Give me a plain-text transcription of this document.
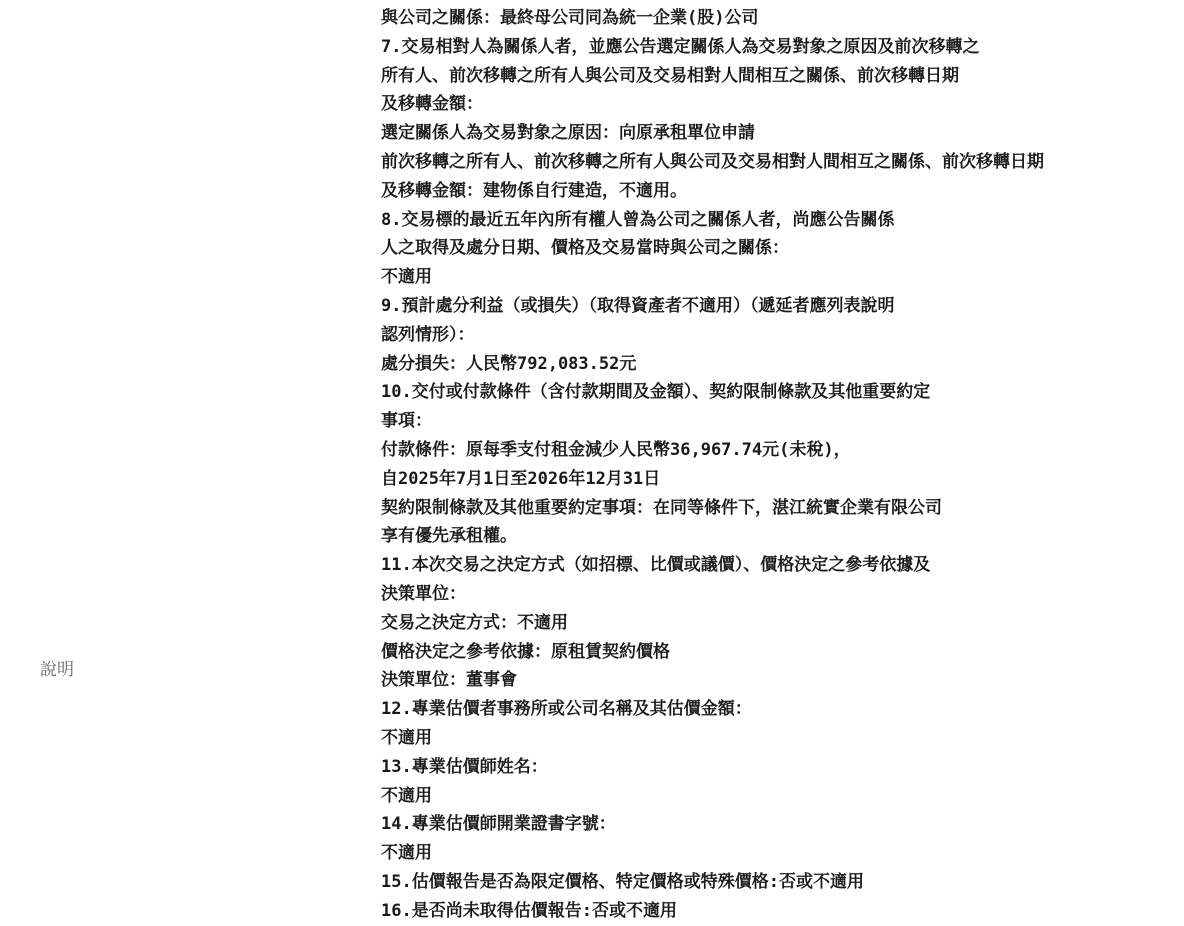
說明
與公司之關係：最終母公司同為統一企業(股)公司
7.交易相對人為關係人者，並應公告選定關係人為交易對象之原因及前次移轉之
所有人、前次移轉之所有人與公司及交易相對人間相互之關係、前次移轉日期
及移轉金額：
選定關係人為交易對象之原因：向原承租單位申請
前次移轉之所有人、前次移轉之所有人與公司及交易相對人間相互之關係、前次移轉日期
及移轉金額：建物係自行建造，不適用。
8.交易標的最近五年內所有權人曾為公司之關係人者，尚應公告關係
人之取得及處分日期、價格及交易當時與公司之關係：
不適用
9.預計處分利益（或損失）（取得資產者不適用）（遞延者應列表說明
認列情形）：
處分損失：人民幣792,083.52元
10.交付或付款條件（含付款期間及金額）、契約限制條款及其他重要約定
事項：
付款條件：原每季支付租金減少人民幣36,967.74元(未稅)，
自2025年7月1日至2026年12月31日
契約限制條款及其他重要約定事項：在同等條件下，湛江統實企業有限公司
享有優先承租權。
11.本次交易之決定方式（如招標、比價或議價）、價格決定之參考依據及
決策單位：
交易之決定方式：不適用
價格決定之參考依據：原租賃契約價格
決策單位：董事會
12.專業估價者事務所或公司名稱及其估價金額：
不適用
13.專業估價師姓名：
不適用
14.專業估價師開業證書字號：
不適用
15.估價報告是否為限定價格、特定價格或特殊價格:否或不適用
16.是否尚未取得估價報告:否或不適用
